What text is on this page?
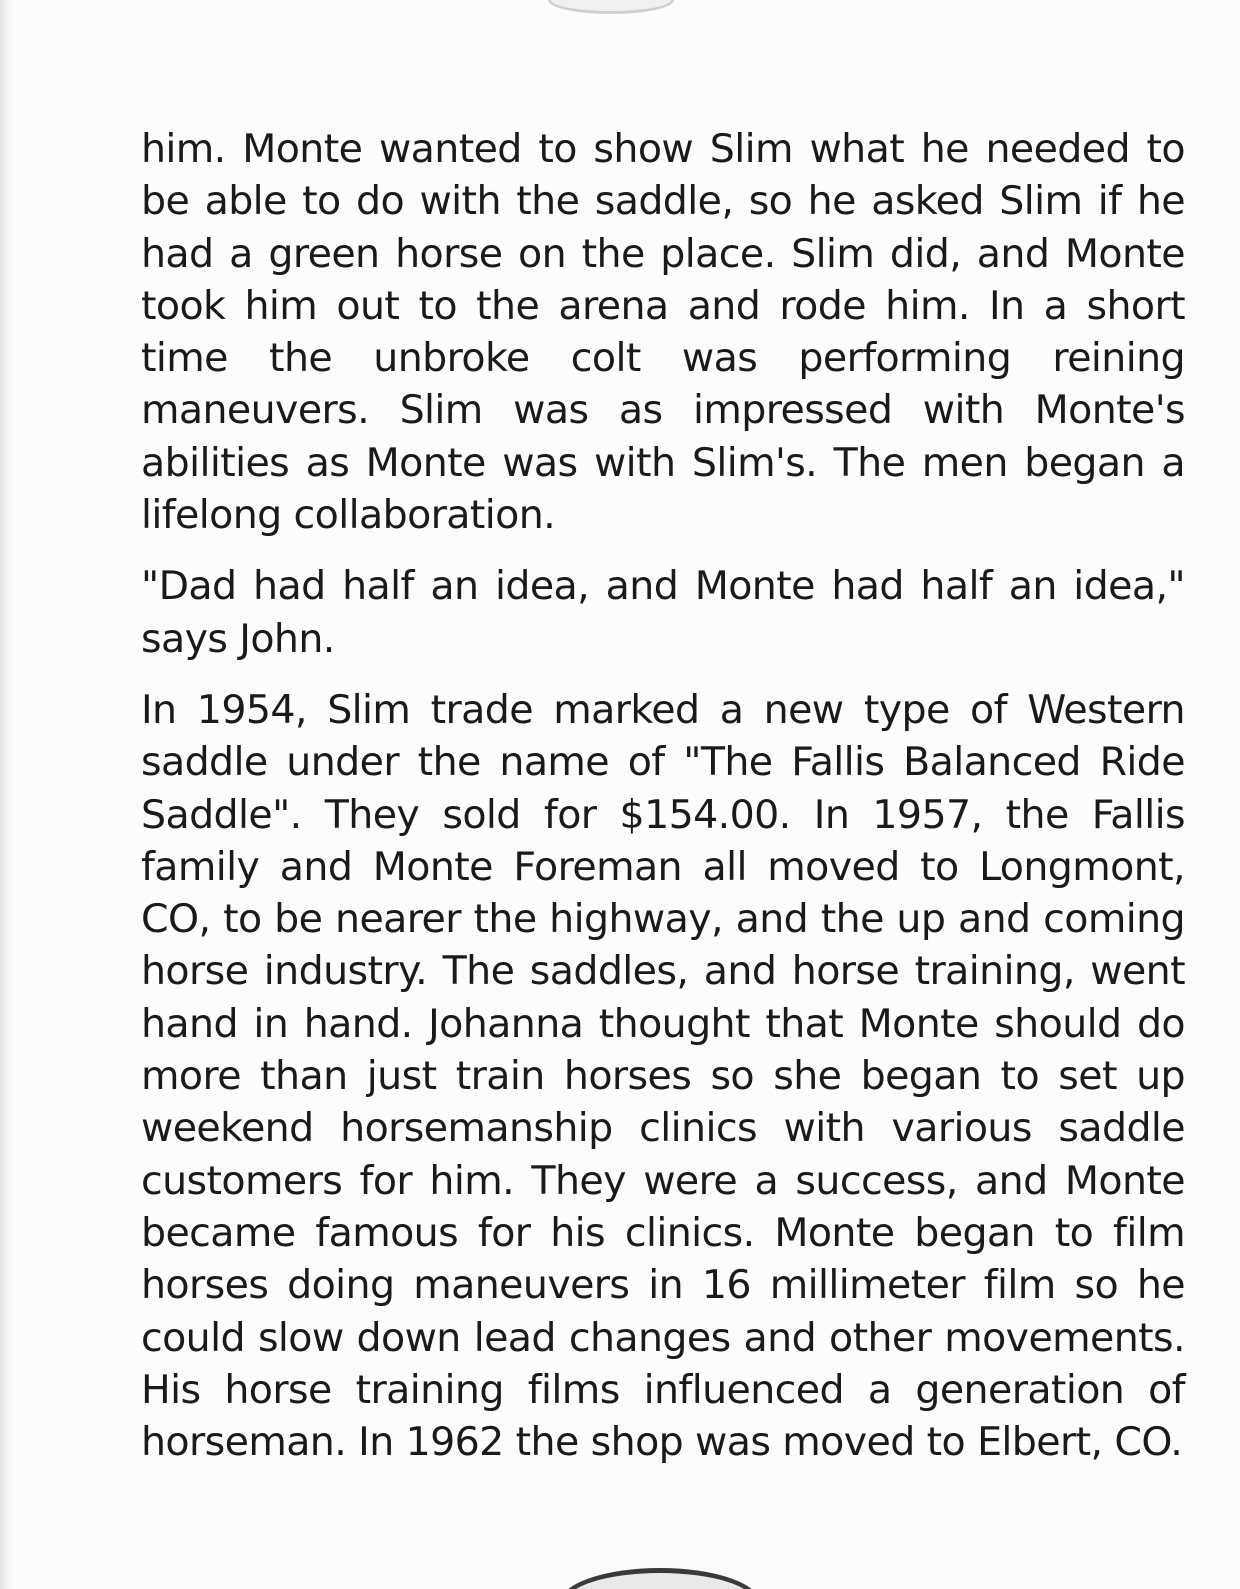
him. Monte wanted to show Slim what he needed to be able to do with the saddle, so he asked Slim if he had a green horse on the place. Slim did, and Monte took him out to the arena and rode him. In a short time the unbroke colt was performing reining maneuvers. Slim was as impressed with Monte's abilities as Monte was with Slim's. The men began a lifelong collaboration.

"Dad had half an idea, and Monte had half an idea," says John.

In 1954, Slim trade marked a new type of Western saddle under the name of "The Fallis Balanced Ride Saddle". They sold for $154.00. In 1957, the Fallis family and Monte Foreman all moved to Longmont, CO, to be nearer the highway, and the up and coming horse industry. The saddles, and horse training, went hand in hand. Johanna thought that Monte should do more than just train horses so she began to set up weekend horsemanship clinics with various saddle customers for him. They were a success, and Monte became famous for his clinics. Monte began to film horses doing maneuvers in 16 millimeter film so he could slow down lead changes and other movements. His horse training films influenced a generation of horseman. In 1962 the shop was moved to Elbert, CO.
